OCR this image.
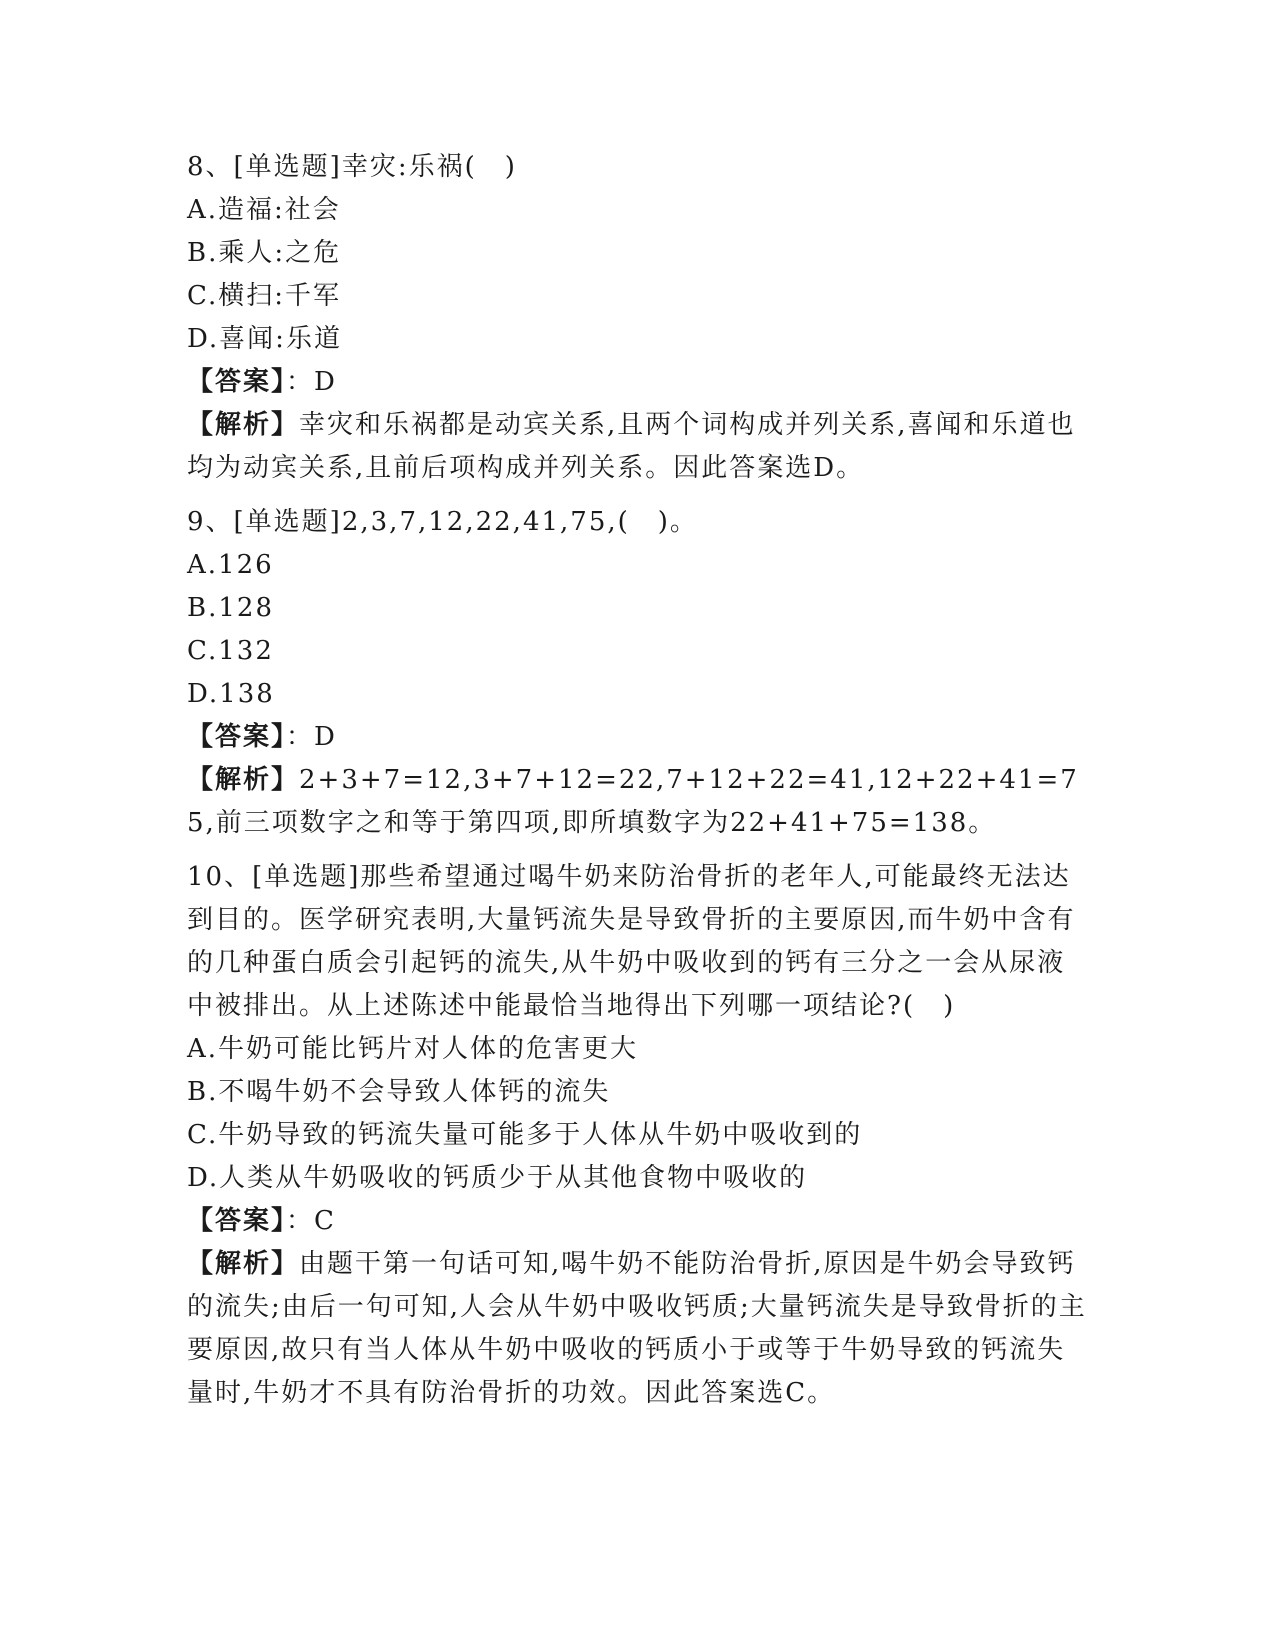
8、[单选题]幸灾:乐祸(　)
A.造福:社会
B.乘人:之危
C.横扫:千军
D.喜闻:乐道
【答案】：D
【解析】幸灾和乐祸都是动宾关系,且两个词构成并列关系,喜闻和乐道也均为动宾关系,且前后项构成并列关系。因此答案选D。
9、[单选题]2,3,7,12,22,41,75,(　)。
A.126
B.128
C.132
D.138
【答案】：D
【解析】2+3+7=12,3+7+12=22,7+12+22=41,12+22+41=75,前三项数字之和等于第四项,即所填数字为22+41+75=138。
10、[单选题]那些希望通过喝牛奶来防治骨折的老年人,可能最终无法达到目的。医学研究表明,大量钙流失是导致骨折的主要原因,而牛奶中含有的几种蛋白质会引起钙的流失,从牛奶中吸收到的钙有三分之一会从尿液中被排出。从上述陈述中能最恰当地得出下列哪一项结论?(　)
A.牛奶可能比钙片对人体的危害更大
B.不喝牛奶不会导致人体钙的流失
C.牛奶导致的钙流失量可能多于人体从牛奶中吸收到的
D.人类从牛奶吸收的钙质少于从其他食物中吸收的
【答案】：C
【解析】由题干第一句话可知,喝牛奶不能防治骨折,原因是牛奶会导致钙的流失;由后一句可知,人会从牛奶中吸收钙质;大量钙流失是导致骨折的主要原因,故只有当人体从牛奶中吸收的钙质小于或等于牛奶导致的钙流失量时,牛奶才不具有防治骨折的功效。因此答案选C。
